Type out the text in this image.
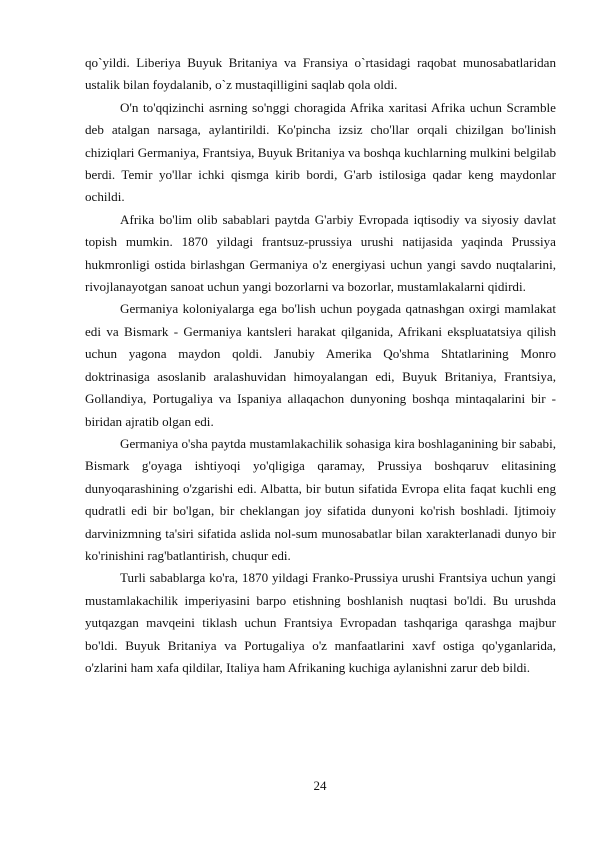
qo`yildi. Liberiya Buyuk Britaniya va Fransiya o`rtasidagi raqobat munosabatlaridan ustalik bilan foydalanib, o`z mustaqilligini saqlab qola oldi.

O'n to'qqizinchi asrning so'nggi choragida Afrika xaritasi Afrika uchun Scramble deb atalgan narsaga, aylantirildi. Ko'pincha izsiz cho'llar orqali chizilgan bo'linish chiziqlari Germaniya, Frantsiya, Buyuk Britaniya va boshqa kuchlarning mulkini belgilab berdi. Temir yo'llar ichki qismga kirib bordi, G'arb istilosiga qadar keng maydonlar ochildi.

Afrika bo'lim olib sabablari paytda G'arbiy Evropada iqtisodiy va siyosiy davlat topish mumkin. 1870 yildagi frantsuz-prussiya urushi natijasida yaqinda Prussiya hukmronligi ostida birlashgan Germaniya o'z energiyasi uchun yangi savdo nuqtalarini, rivojlanayotgan sanoat uchun yangi bozorlarni va bozorlar, mustamlakalarni qidirdi.

Germaniya koloniyalarga ega bo'lish uchun poygada qatnashgan oxirgi mamlakat edi va Bismark - Germaniya kantsleri harakat qilganida, Afrikani ekspluatatsiya qilish uchun yagona maydon qoldi. Janubiy Amerika Qo'shma Shtatlarining Monro doktrinasiga asoslanib aralashuvidan himoyalangan edi, Buyuk Britaniya, Frantsiya, Gollandiya, Portugaliya va Ispaniya allaqachon dunyoning boshqa mintaqalarini bir -biridan ajratib olgan edi.

Germaniya o'sha paytda mustamlakachilik sohasiga kira boshlaganining bir sababi, Bismark g'oyaga ishtiyoqi yo'qligiga qaramay, Prussiya boshqaruv elitasining dunyoqarashining o'zgarishi edi. Albatta, bir butun sifatida Evropa elita faqat kuchli eng qudratli edi bir bo'lgan, bir cheklangan joy sifatida dunyoni ko'rish boshladi. Ijtimoiy darvinizmning ta'siri sifatida aslida nol-sum munosabatlar bilan xarakterlanadi dunyo bir ko'rinishini rag'batlantirish, chuqur edi.

Turli sabablarga ko'ra, 1870 yildagi Franko-Prussiya urushi Frantsiya uchun yangi mustamlakachilik imperiyasini barpo etishning boshlanish nuqtasi bo'ldi. Bu urushda yutqazgan mavqeini tiklash uchun Frantsiya Evropadan tashqariga qarashga majbur bo'ldi. Buyuk Britaniya va Portugaliya o'z manfaatlarini xavf ostiga qo'yganlarida, o'zlarini ham xafa qildilar, Italiya ham Afrikaning kuchiga aylanishni zarur deb bildi.

24
